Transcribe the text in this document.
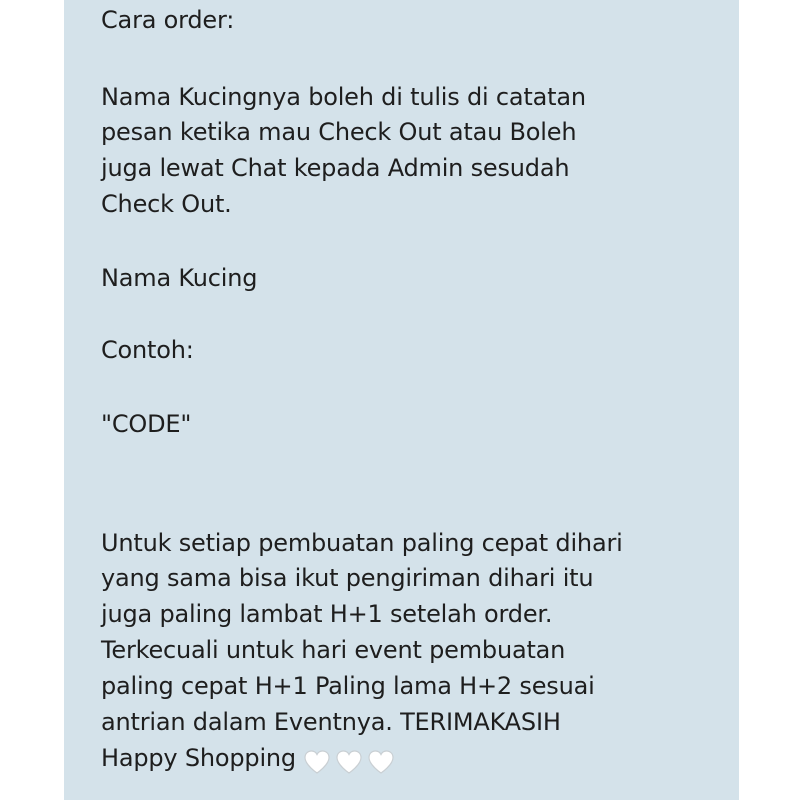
Cara order:
Nama Kucingnya boleh di tulis di catatan
pesan ketika mau Check Out atau Boleh
juga lewat Chat kepada Admin sesudah
Check Out.
Nama Kucing
Contoh:
"CODE"
Untuk setiap pembuatan paling cepat dihari
yang sama bisa ikut pengiriman dihari itu
juga paling lambat H+1 setelah order.
Terkecuali untuk hari event pembuatan
paling cepat H+1 Paling lama H+2 sesuai
antrian dalam Eventnya. TERIMAKASIH
Happy Shopping
